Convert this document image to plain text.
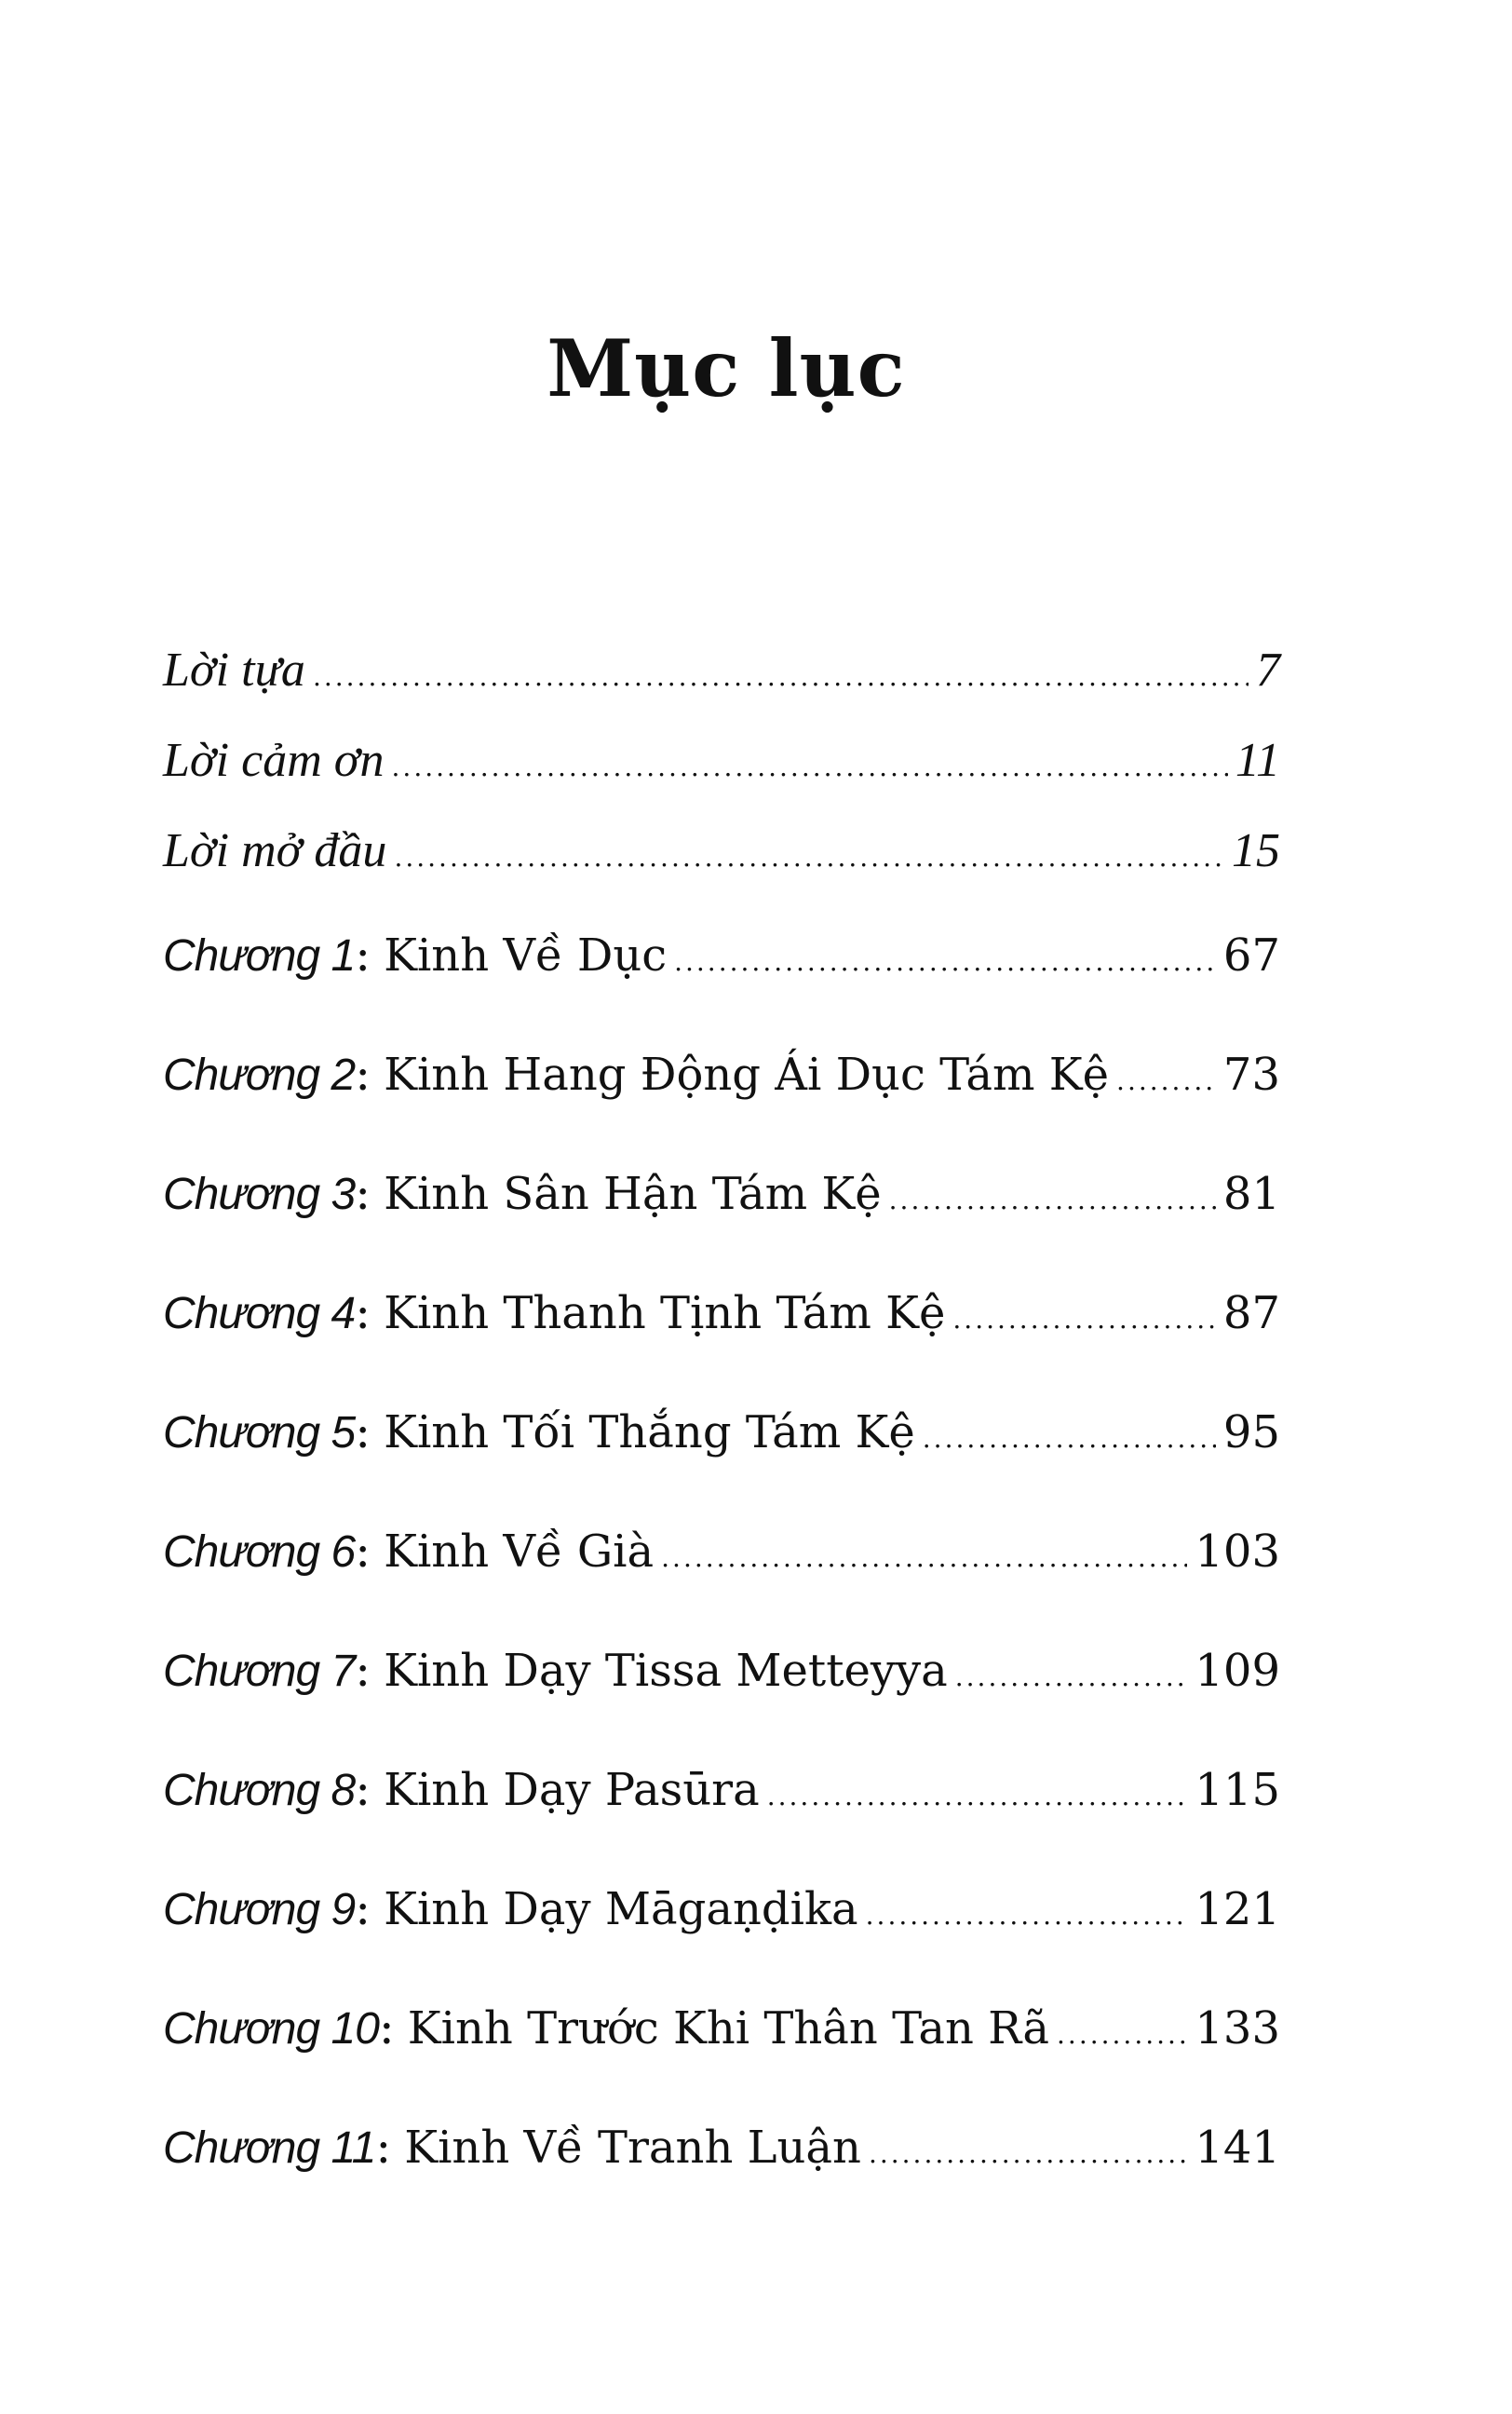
Mục lục
Lời tựa .....	7
Lời cảm ơn .....	11
Lời mở đầu .....	15
Chương 1 : Kinh Về Dục .....	67
Chương 2 : Kinh Hang Động Ái Dục Tám Kệ .....	73
Chương 3 : Kinh Sân Hận Tám Kệ .....	81
Chương 4 : Kinh Thanh Tịnh Tám Kệ .....	87
Chương 5 : Kinh Tối Thắng Tám Kệ .....	95
Chương 6 : Kinh Về Già .....	103
Chương 7 : Kinh Dạy Tissa Metteyya .....	109
Chương 8 : Kinh Dạy Pasūra .....	115
Chương 9 : Kinh Dạy Māgaṇḍika .....	121
Chương 10 : Kinh Trước Khi Thân Tan Rã .....	133
Chương 11 : Kinh Về Tranh Luận .....	141
